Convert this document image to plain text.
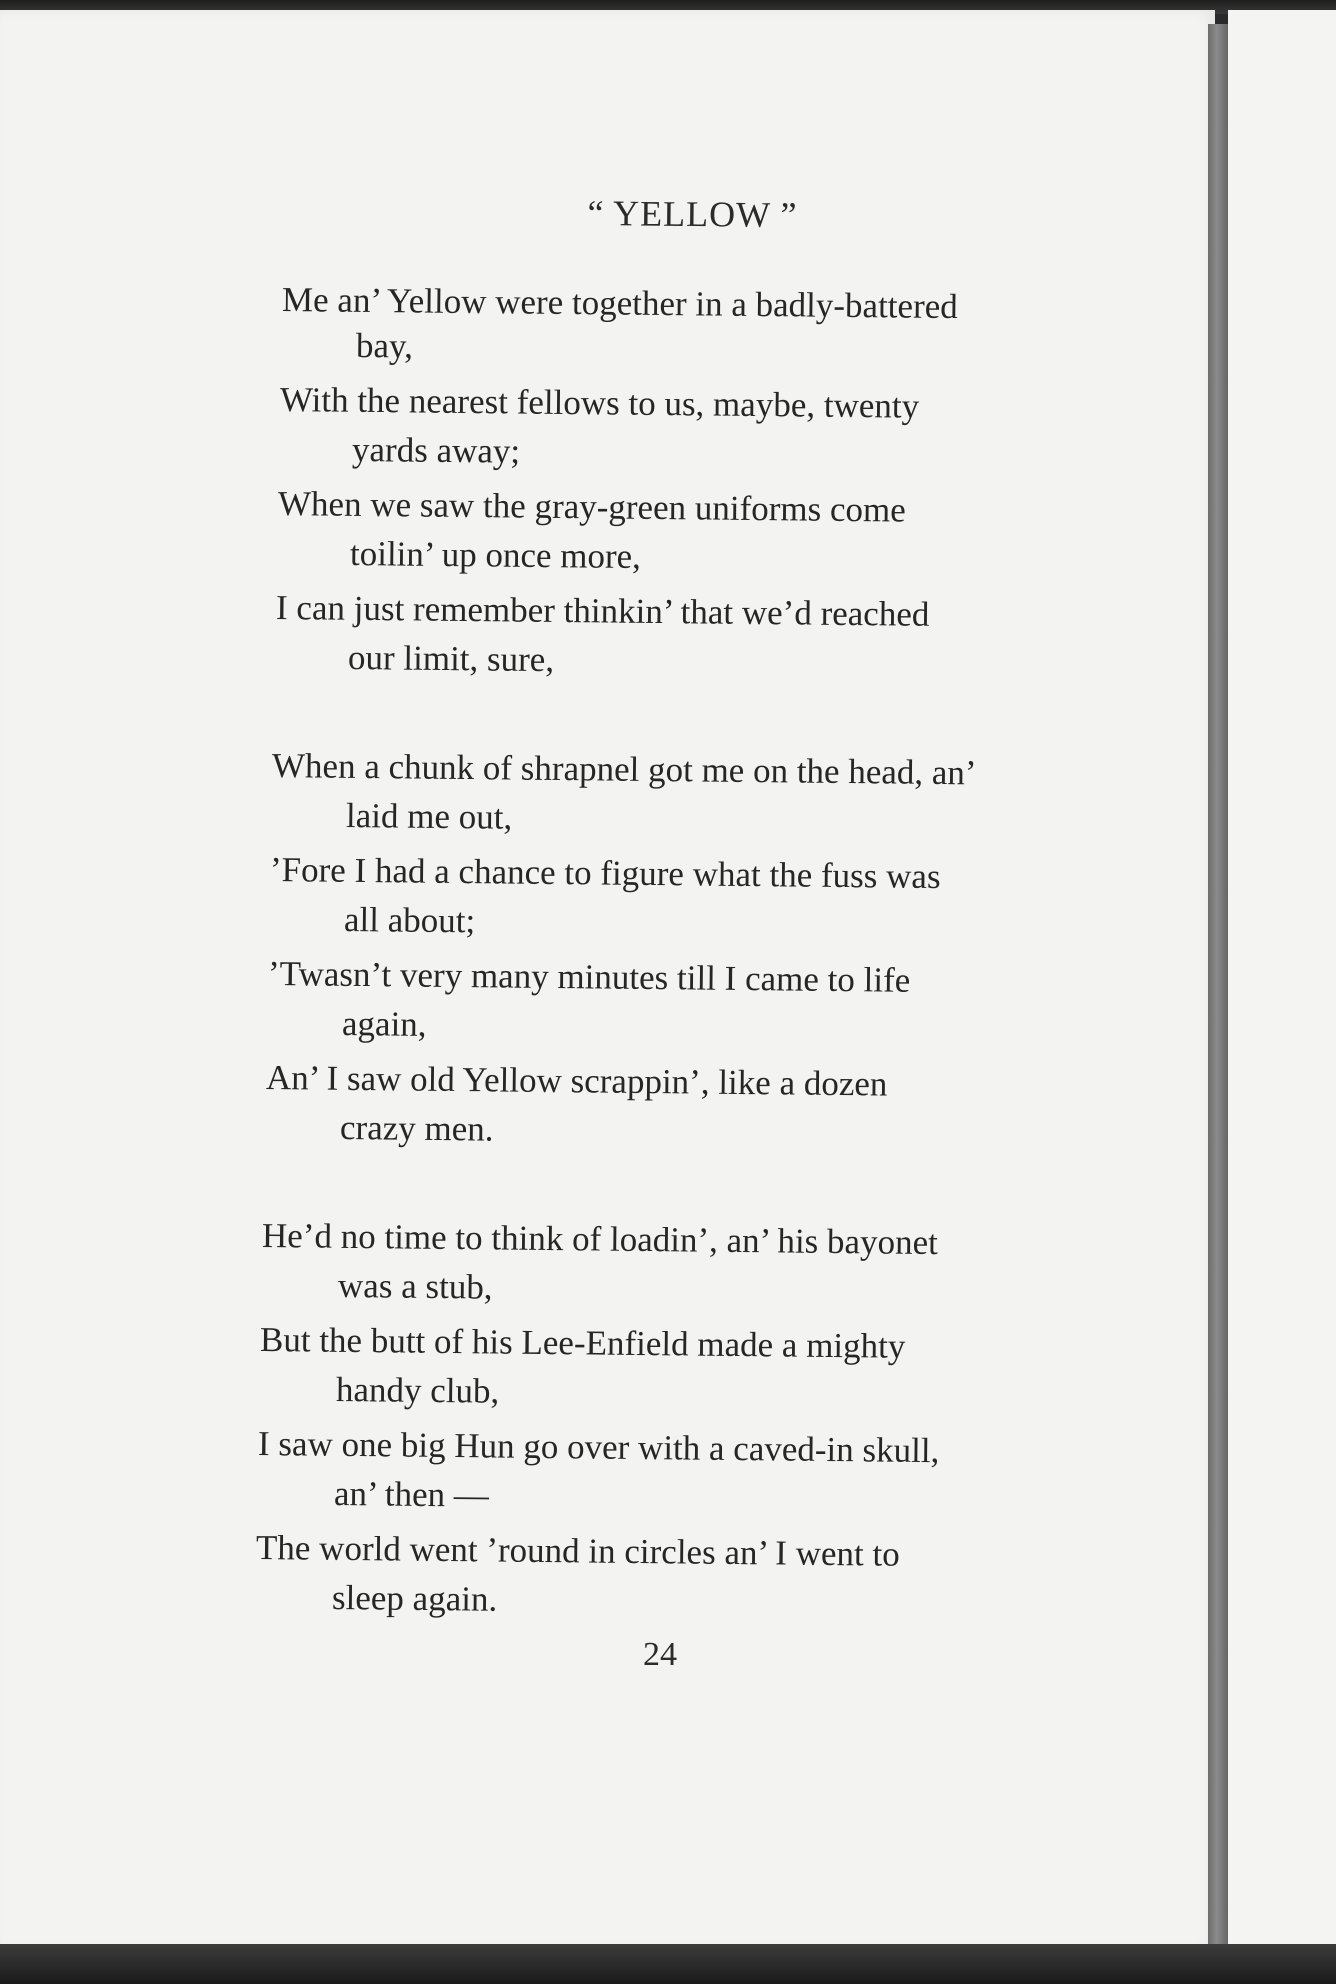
“ YELLOW ”
Me an’ Yellow were together in a badly-battered
bay,
With the nearest fellows to us, maybe, twenty
yards away;
When we saw the gray-green uniforms come
toilin’ up once more,
I can just remember thinkin’ that we’d reached
our limit, sure,
When a chunk of shrapnel got me on the head, an’
laid me out,
’Fore I had a chance to figure what the fuss was
all about;
’Twasn’t very many minutes till I came to life
again,
An’ I saw old Yellow scrappin’, like a dozen
crazy men.
He’d no time to think of loadin’, an’ his bayonet
was a stub,
But the butt of his Lee-Enfield made a mighty
handy club,
I saw one big Hun go over with a caved-in skull,
an’ then —
The world went ’round in circles an’ I went to
sleep again.
24
